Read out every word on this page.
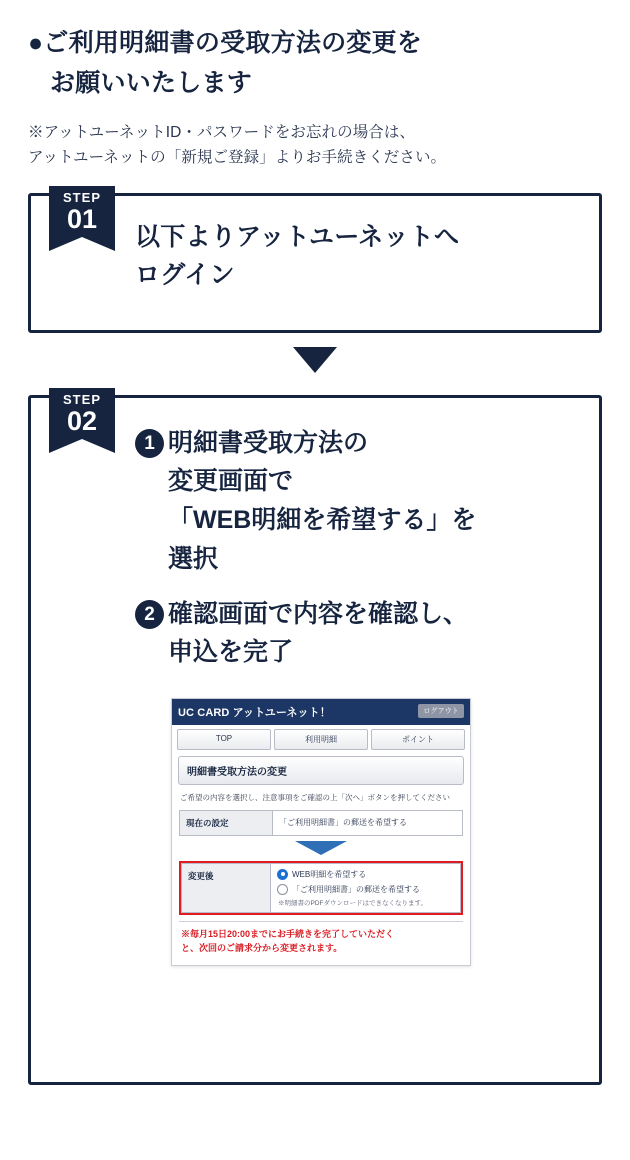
●ご利用明細書の受取方法の変更を
お願いいたします
※アットユーネットID・パスワードをお忘れの場合は、
アットユーネットの「新規ご登録」よりお手続きください。
STEP
01
以下よりアットユーネットへ
ログイン
STEP
02
1 明細書受取方法の
変更画面で
「WEB明細を希望する」を
選択
2 確認画面で内容を確認し、
申込を完了
UC CARD アットユーネット！	ログアウト
TOP	利用明細	ポイント
明細書受取方法の変更
ご希望の内容を選択し、注意事項をご確認の上「次へ」ボタンを押してください
現在の設定	「ご利用明細書」の郵送を希望する
変更後	WEB明細を希望する
「ご利用明細書」の郵送を希望する
※明細書のPDFダウンロードはできなくなります。
※毎月15日20:00までにお手続きを完了していただく
と、次回のご請求分から変更されます。
